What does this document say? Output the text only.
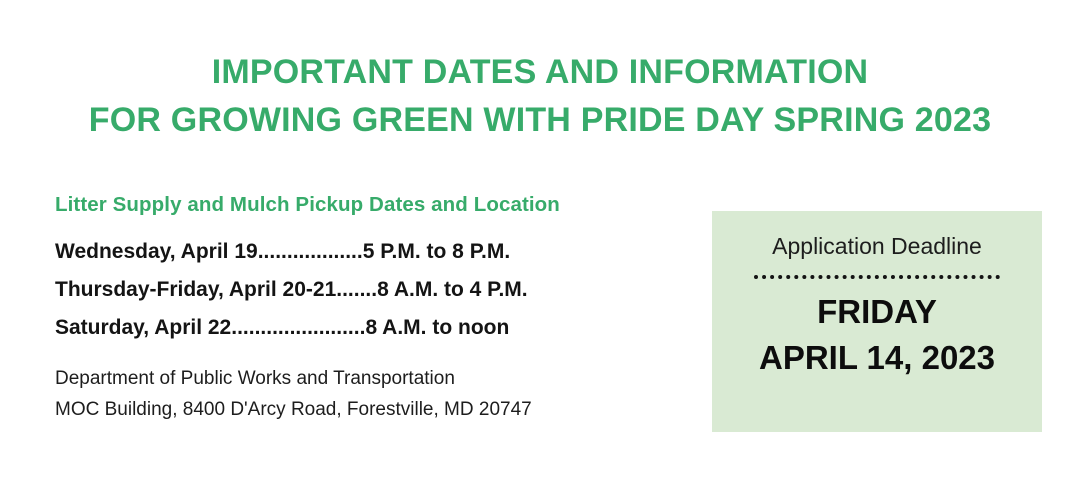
IMPORTANT DATES AND INFORMATION
FOR GROWING GREEN WITH PRIDE DAY SPRING 2023
Litter Supply and Mulch Pickup Dates and Location
Wednesday, April 19..................5 P.M. to 8 P.M.
Thursday-Friday, April 20-21.......8 A.M. to 4 P.M.
Saturday, April 22.......................8 A.M. to noon
Department of Public Works and Transportation
MOC Building, 8400 D'Arcy Road, Forestville, MD 20747
Application Deadline
FRIDAY
APRIL 14, 2023
